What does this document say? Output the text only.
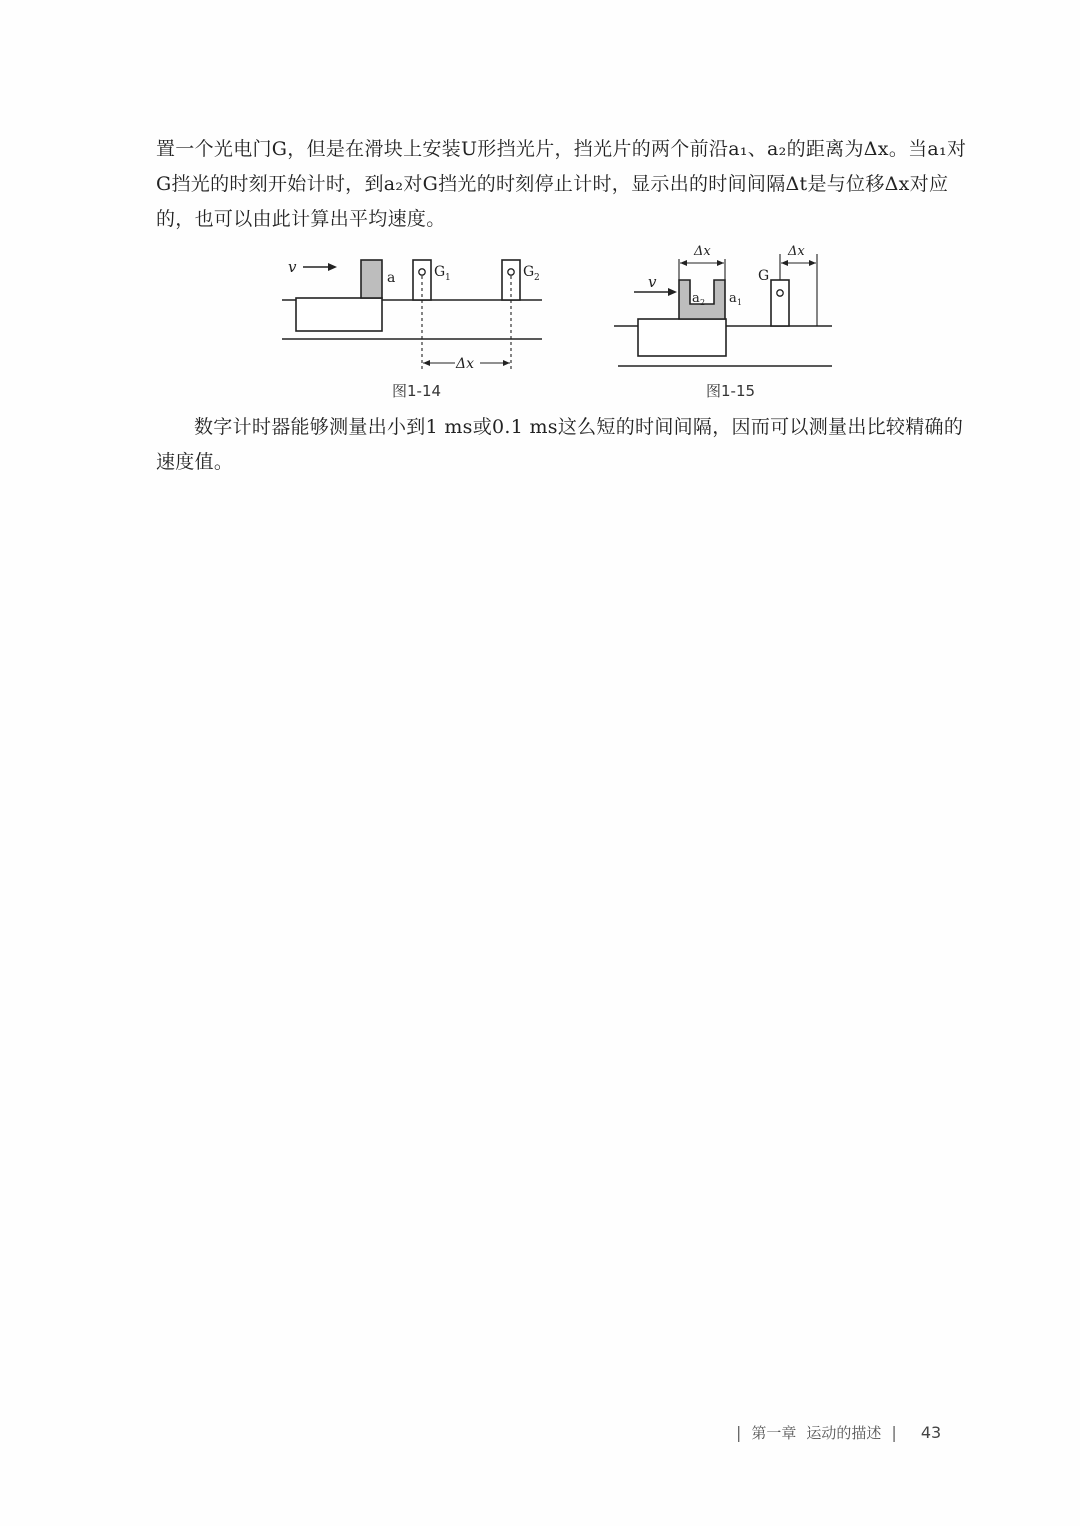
置一个光电门G，但是在滑块上安装U形挡光片，挡光片的两个前沿a₁、a₂的距离为Δx。当a₁对
G挡光的时刻开始计时，到a₂对G挡光的时刻停止计时，显示出的时间间隔Δt是与位移Δx对应
的，也可以由此计算出平均速度。

v
a	G 1	G 2
Δx
图1-14
v
a 2 a 1
Δx
G
Δx
图1-15

数字计时器能够测量出小到1 ms或0.1 ms这么短的时间间隔，因而可以测量出比较精确的
速度值。

| 第一章 运动的描述 | 43
